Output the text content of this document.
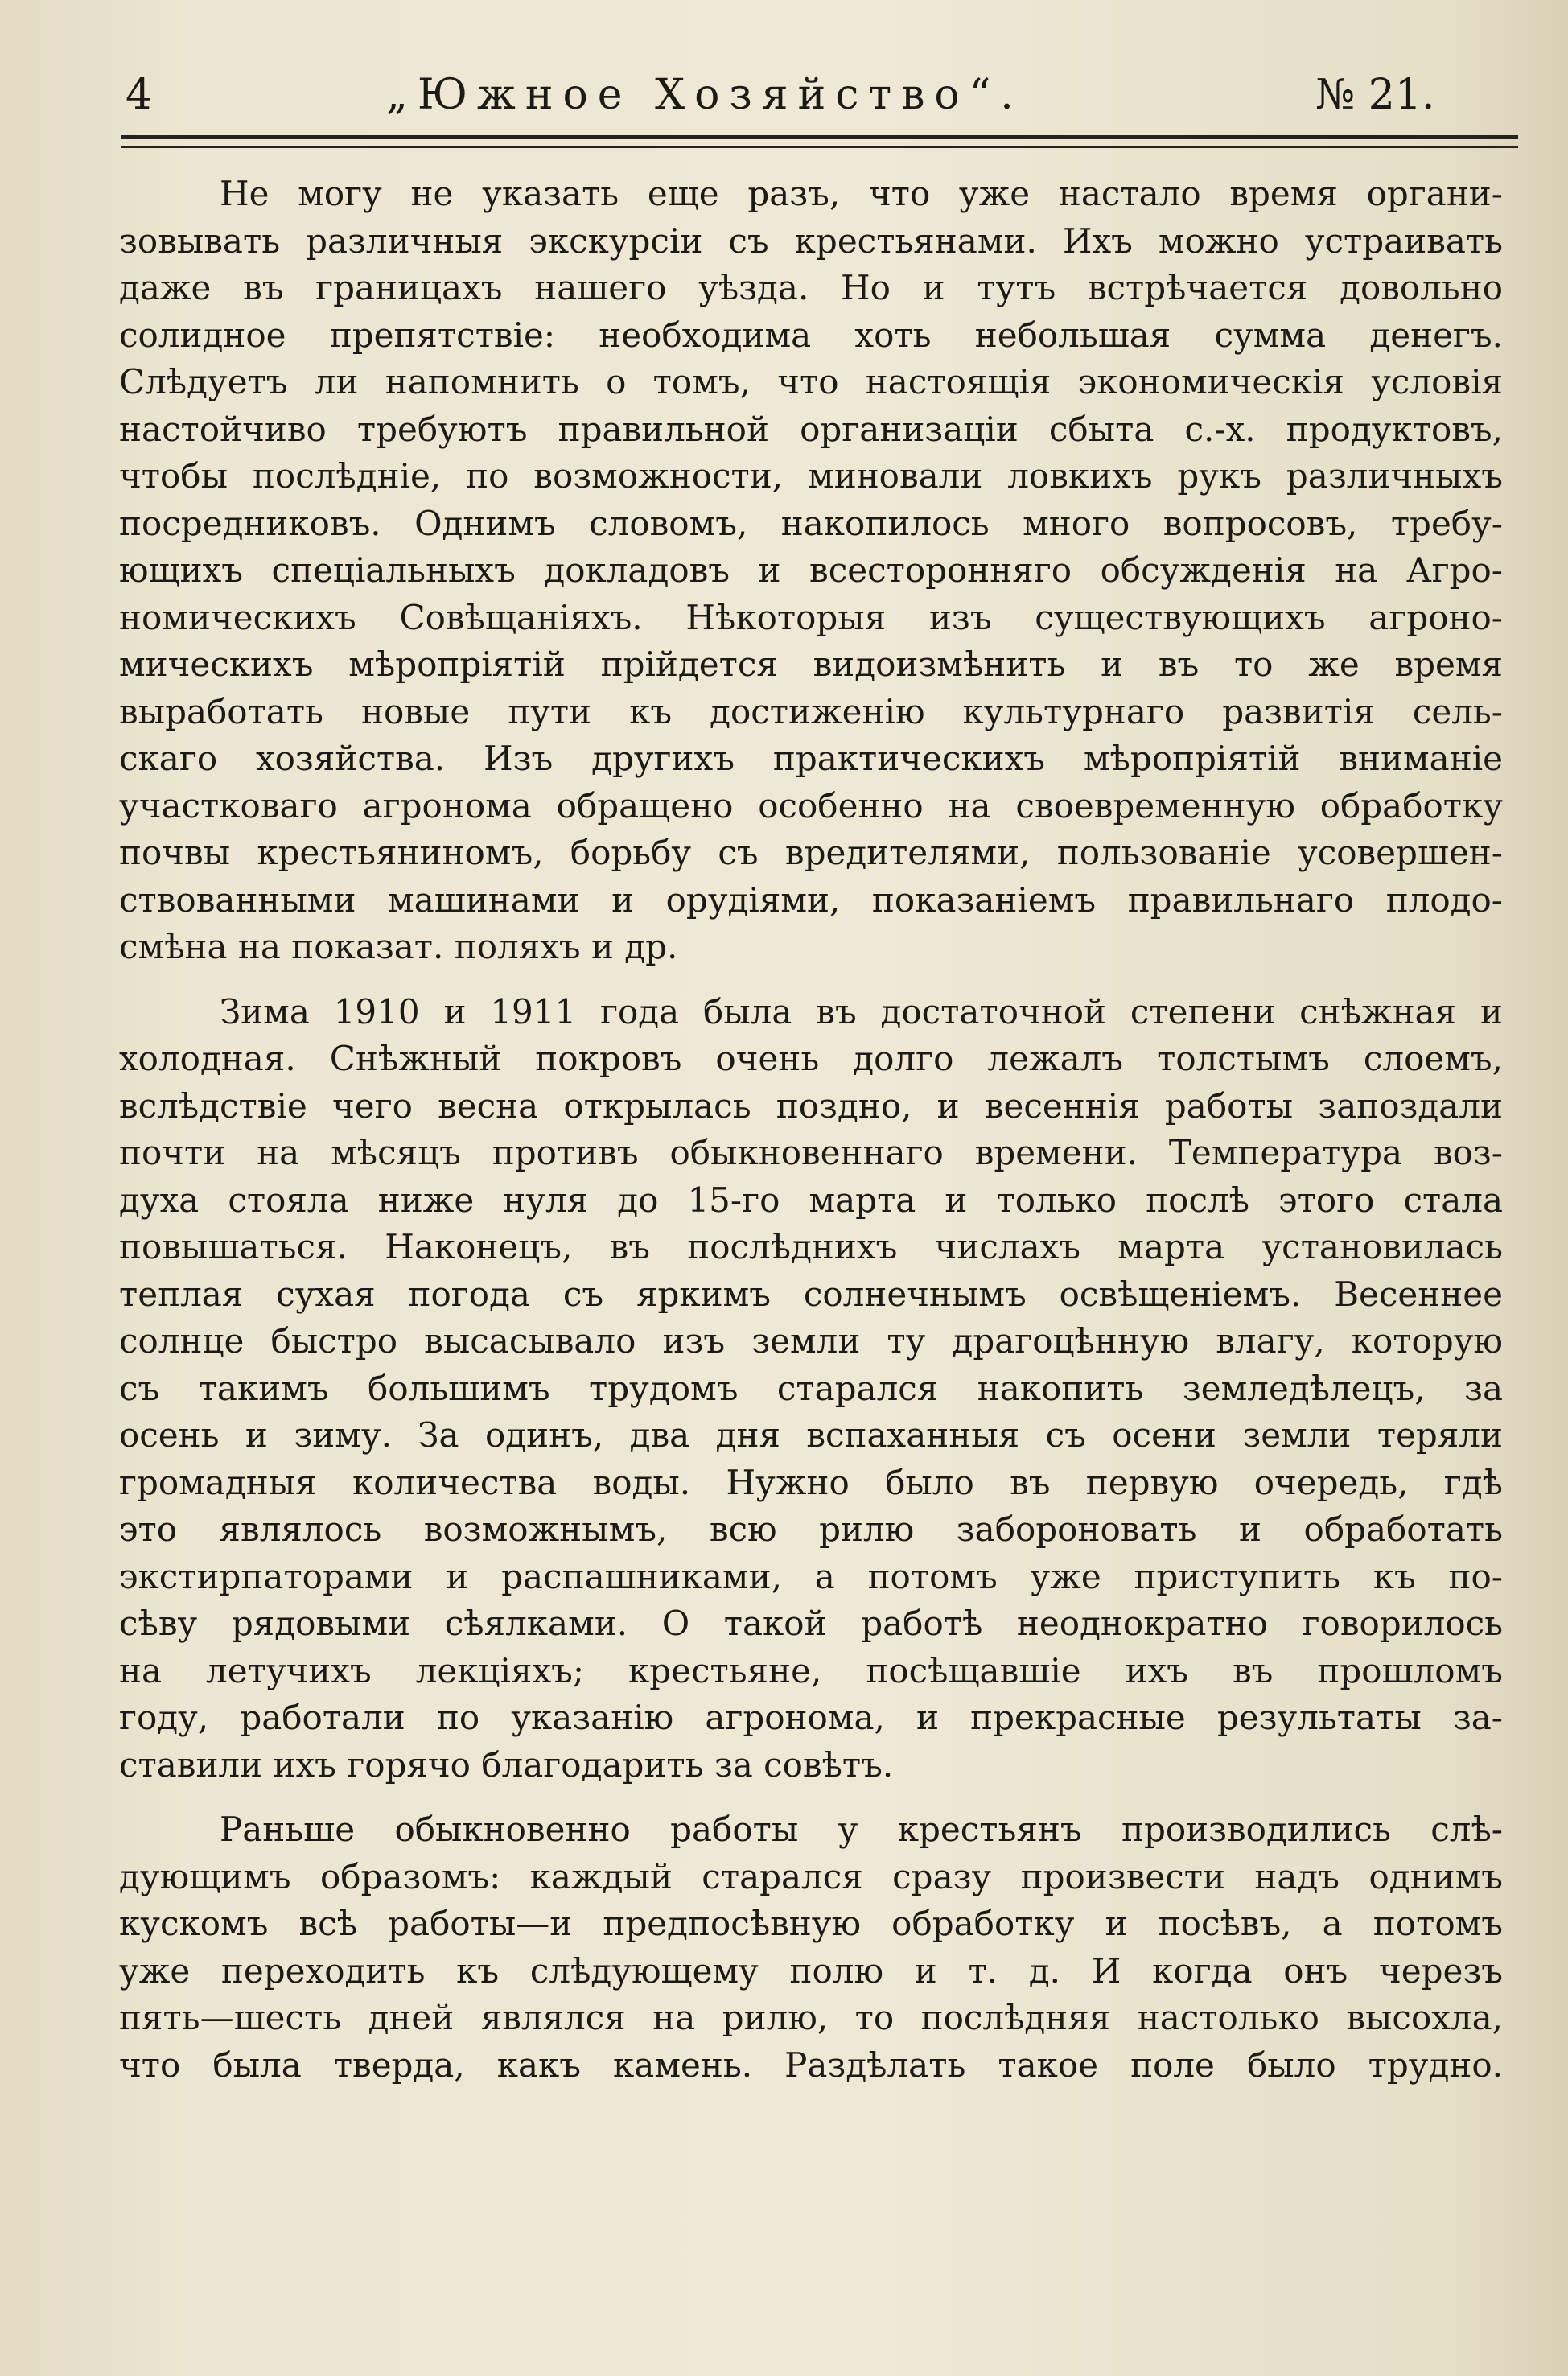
4	„Южное Хозяйство“.	№ 21.
Не могу не указать еще разъ, что уже настало время органи-
зовывать различныя экскурсіи съ крестьянами. Ихъ можно устраивать
даже въ границахъ нашего уѣзда. Но и тутъ встрѣчается довольно
солидное препятствіе: необходима хоть небольшая сумма денегъ.
Слѣдуетъ ли напомнить о томъ, что настоящія экономическія условія
настойчиво требуютъ правильной организаціи сбыта с.-х. продуктовъ,
чтобы послѣдніе, по возможности, миновали ловкихъ рукъ различныхъ
посредниковъ. Однимъ словомъ, накопилось много вопросовъ, требу-
ющихъ спеціальныхъ докладовъ и всесторонняго обсужденія на Агро-
номическихъ Совѣщаніяхъ. Нѣкоторыя изъ существующихъ агроно-
мическихъ мѣропріятій прійдется видоизмѣнить и въ то же время
выработать новые пути къ достиженію культурнаго развитія сель-
скаго хозяйства. Изъ другихъ практическихъ мѣропріятій вниманіе
участковаго агронома обращено особенно на своевременную обработку
почвы крестьяниномъ, борьбу съ вредителями, пользованіе усовершен-
ствованными машинами и орудіями, показаніемъ правильнаго плодо-
смѣна на показат. поляхъ и др.
Зима 1910 и 1911 года была въ достаточной степени снѣжная и
холодная. Снѣжный покровъ очень долго лежалъ толстымъ слоемъ,
вслѣдствіе чего весна открылась поздно, и весеннія работы запоздали
почти на мѣсяцъ противъ обыкновеннаго времени. Температура воз-
духа стояла ниже нуля до 15-го марта и только послѣ этого стала
повышаться. Наконецъ, въ послѣднихъ числахъ марта установилась
теплая сухая погода съ яркимъ солнечнымъ освѣщеніемъ. Весеннее
солнце быстро высасывало изъ земли ту драгоцѣнную влагу, которую
съ такимъ большимъ трудомъ старался накопить земледѣлецъ, за
осень и зиму. За одинъ, два дня вспаханныя съ осени земли теряли
громадныя количества воды. Нужно было въ первую очередь, гдѣ
это являлось возможнымъ, всю рилю забороновать и обработать
экстирпаторами и распашниками, а потомъ уже приступить къ по-
сѣву рядовыми сѣялками. О такой работѣ неоднократно говорилось
на летучихъ лекціяхъ; крестьяне, посѣщавшіе ихъ въ прошломъ
году, работали по указанію агронома, и прекрасные результаты за-
ставили ихъ горячо благодарить за совѣтъ.
Раньше обыкновенно работы у крестьянъ производились слѣ-
дующимъ образомъ: каждый старался сразу произвести надъ однимъ
кускомъ всѣ работы—и предпосѣвную обработку и посѣвъ, а потомъ
уже переходить къ слѣдующему полю и т. д. И когда онъ черезъ
пять—шесть дней являлся на рилю, то послѣдняя настолько высохла,
что была тверда, какъ камень. Раздѣлать такое поле было трудно.
